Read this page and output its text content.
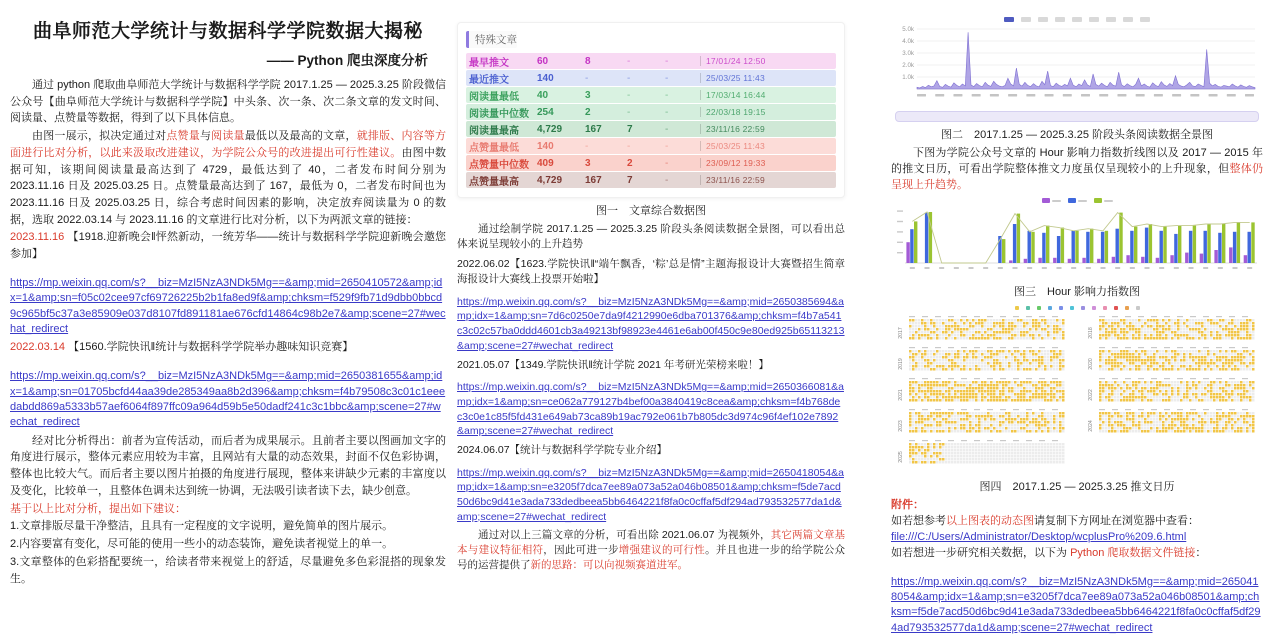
曲阜师范大学统计与数据科学学院数据大揭秘
—— Python 爬虫深度分析

通过 python 爬取曲阜师范大学统计与数据科学学院 2017.1.25 — 2025.3.25 阶段微信公众号【曲阜师范大学统计与数据科学学院】中头条、次一条、次二条文章的发文时间、阅读量、点赞量等数据，得到了以下具体信息。

由图一展示，拟决定通过对点赞量与阅读量最低以及最高的文章，就排版、内容等方面进行比对分析，以此来汲取改进建议，为学院公众号的改进提出可行性建议。由图中数据可知，该期间阅读量最高达到了 4729，最低达到了 40，二者发布时间分别为 2023.11.16 日及 2025.03.25 日。点赞量最高达到了 167，最低为 0，二者发布时间也为 2023.11.16 日及 2025.03.25 日，综合考虑时间因素的影响，决定放弃阅读量为 0 的数据，选取 2022.03.14 与 2023.11.16 的文章进行比对分析，以下为两派文章的链接：

2023.11.16 【1918.迎新晚会‖怦然新动，一统芳华——统计与数据科学学院迎新晚会邀您参加】

https://mp.weixin.qq.com/s?__biz=MzI5NzA3NDk5Mg==&amp;mid=2650410572&amp;idx=1&amp;sn=f05c02cee97cf69726225b2b1fa8ed9f&amp;chksm=f529f9fb71d9dbb0bbcd9c965bf5c37a3e85909e037d8107fd891181ae676cfd14864c98b2e7&amp;scene=27#wechat_redirect

2022.03.14 【1560.学院快讯‖统计与数据科学学院举办趣味知识竞赛】

https://mp.weixin.qq.com/s?__biz=MzI5NzA3NDk5Mg==&amp;mid=2650381655&amp;idx=1&amp;sn=01705bcfd44aa39de285349aa8b2d396&amp;chksm=f4b79508c3c01c1eeedabdd869a5333b57aef6064f897ffc09a964d59b5e50dadf241c3c1bbc&amp;scene=27#wechat_redirect

经对比分析得出：前者为宣传活动，而后者为成果展示。且前者主要以图画加文字的角度进行展示，整体元素应用较为丰富，且网站有大量的动态效果，封面不仅色彩协调，整体也比较大气。而后者主要以图片拍摄的角度进行展现，整体来讲缺少元素的丰富度以及变化，比较单一，且整体色调未达到统一协调，无法吸引读者读下去，缺少创意。

基于以上比对分析，提出如下建议：

1.文章排版尽量干净整洁，且具有一定程度的文字说明，避免简单的图片展示。

2.内容要富有变化，尽可能的使用一些小的动态装饰，避免读者视觉上的单一。

3.文章整体的色彩搭配要统一，给读者带来视觉上的舒适，尽量避免多色彩混搭的现象发生。

特殊文章
最早推文	60	8	-	-	17/01/24 12:50
最近推文	140	-	-	-	25/03/25 11:43
阅读量最低	40	3	-	-	17/03/14 16:44
阅读量中位数 254	2	-	-	22/03/18 19:15
阅读量最高	4,729	167	7	-	23/11/16 22:59
点赞量最低	140	-	-	-	25/03/25 11:43
点赞量中位数 409	3	2	-	23/09/12 19:33
点赞量最高	4,729	167	7	-	23/11/16 22:59
图一　文章综合数据图

通过绘制学院 2017.1.25 — 2025.3.25 阶段头条阅读数据全景图，可以看出总体来说呈现较小的上升趋势

2022.06.02【1623.学院快讯‖“端午飘香，‘粽’总是情”主题海报设计大赛暨招生简章海报设计大赛线上投票开始啦】

https://mp.weixin.qq.com/s?__biz=MzI5NzA3NDk5Mg==&amp;mid=2650385694&amp;idx=1&amp;sn=7d6c0250e7da9f4212990e6dba701376&amp;chksm=f4b7a541c3c02c57ba0ddd4601cb3a49213bf98923e4461e6ab00f450c9e80ed925b65113213&amp;scene=27#wechat_redirect

2021.05.07【1349.学院快讯‖统计学院 2021 年考研光荣榜来啦！】

https://mp.weixin.qq.com/s?__biz=MzI5NzA3NDk5Mg==&amp;mid=2650366081&amp;idx=1&amp;sn=ce062a779127b4bef00a3840419c8cea&amp;chksm=f4b768dec3c0e1c85f5fd431e649ab73ca89b19ac792e061b7b805dc3d974c96f4ef102e7892&amp;scene=27#wechat_redirect

2024.06.07【统计与数据科学学院专业介绍】

https://mp.weixin.qq.com/s?__biz=MzI5NzA3NDk5Mg==&amp;mid=2650418054&amp;idx=1&amp;sn=e3205f7dca7ee89a073a52a046b08501&amp;chksm=f5de7acd50d6bc9d41e3ada733dedbeea5bb6464221f8fa0c0cffaf5df294ad793532577da1d&amp;scene=27#wechat_redirect

通过对以上三篇文章的分析，可看出除 2021.06.07 为视频外，其它两篇文章基本与建议特征相符，因此可进一步增强建议的可行性。并且也进一步的给学院公众号的运营提供了新的思路：可以向视频赛道进军。

1.0k
2.0k
3.0k
4.0k
5.0k
图二　2017.1.25 — 2025.3.25 阶段头条阅读数据全景图

下图为学院公众号文章的 Hour 影响力指数折线图以及 2017 — 2015 年的推文日历，可看出学院整体推文力度虽仅呈现较小的上升现象，但整体仍呈现上升趋势。

图三　Hour 影响力指数图
2017	2018
2019	2020
2021	2022
2023	2024
2025
图四　2017.1.25 — 2025.3.25 推文日历
附件：
如若想参考以上图表的动态图请复制下方网址在浏览器中查看：
file:///C:/Users/Administrator/Desktop/wcplusPro%209.6.html
如若想进一步研究相关数据，以下为 Python 爬取数据文件链接：
https://mp.weixin.qq.com/s?__biz=MzI5NzA3NDk5Mg==&amp;mid=2650418054&amp;idx=1&amp;sn=e3205f7dca7ee89a073a52a046b08501&amp;chksm=f5de7acd50d6bc9d41e3ada733dedbeea5bb6464221f8fa0c0cffaf5df294ad793532577da1d&amp;scene=27#wechat_redirect
